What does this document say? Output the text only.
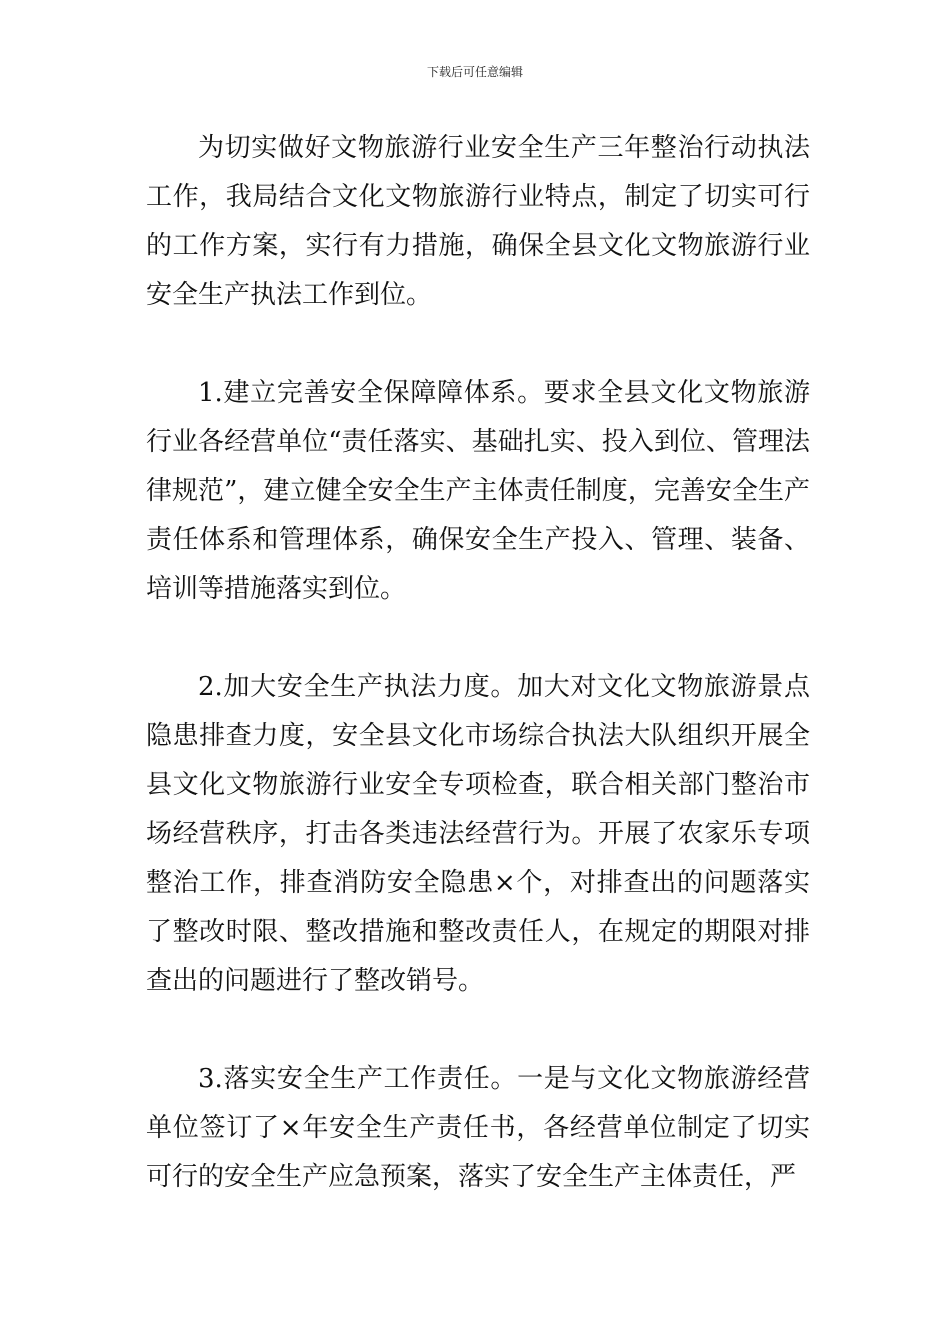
下载后可任意编辑

为切实做好文物旅游行业安全生产三年整治行动执法工作，我局结合文化文物旅游行业特点，制定了切实可行的工作方案，实行有力措施，确保全县文化文物旅游行业安全生产执法工作到位。

1.建立完善安全保障障体系。要求全县文化文物旅游行业各经营单位“责任落实、基础扎实、投入到位、管理法律规范”，建立健全安全生产主体责任制度，完善安全生产责任体系和管理体系，确保安全生产投入、管理、装备、培训等措施落实到位。

2.加大安全生产执法力度。加大对文化文物旅游景点隐患排查力度，安全县文化市场综合执法大队组织开展全县文化文物旅游行业安全专项检查，联合相关部门整治市场经营秩序，打击各类违法经营行为。开展了农家乐专项整治工作，排查消防安全隐患×个，对排查出的问题落实了整改时限、整改措施和整改责任人，在规定的期限对排查出的问题进行了整改销号。

3.落实安全生产工作责任。一是与文化文物旅游经营单位签订了×年安全生产责任书，各经营单位制定了切实可行的安全生产应急预案，落实了安全生产主体责任，严
